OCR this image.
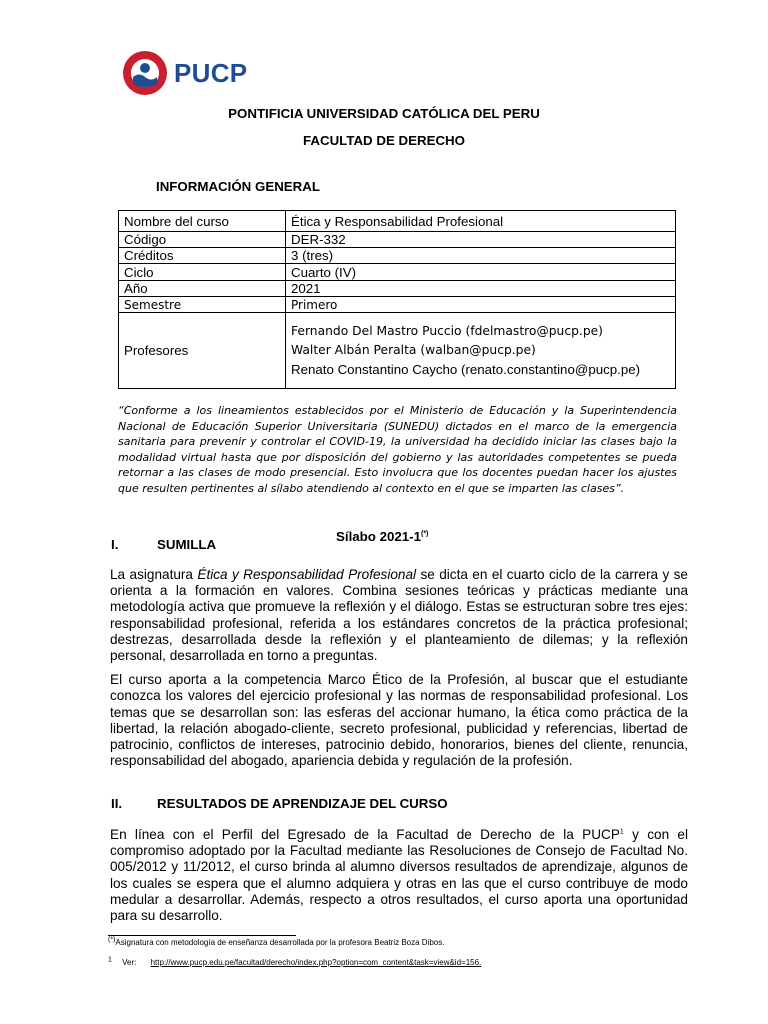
PUCP
PONTIFICIA UNIVERSIDAD CATÓLICA DEL PERU
FACULTAD DE DERECHO
INFORMACIÓN GENERAL
Nombre del curso	Ética y Responsabilidad Profesional
Código	DER-332
Créditos	3 (tres)
Ciclo	Cuarto (IV)
Año	2021
Semestre	Primero
Profesores	Fernando Del Mastro Puccio (fdelmastro@pucp.pe)
Walter Albán Peralta (walban@pucp.pe)
Renato Constantino Caycho (renato.constantino@pucp.pe)
“Conforme a los lineamientos establecidos por el Ministerio de Educación y la Superintendencia Nacional de Educación Superior Universitaria (SUNEDU) dictados en el marco de la emergencia sanitaria para prevenir y controlar el COVID-19, la universidad ha decidido iniciar las clases bajo la modalidad virtual hasta que por disposición del gobierno y las autoridades competentes se pueda retornar a las clases de modo presencial. Esto involucra que los docentes puedan hacer los ajustes que resulten pertinentes al sílabo atendiendo al contexto en el que se imparten las clases”.
Sílabo 2021-1(*)
I.	SUMILLA

La asignatura Ética y Responsabilidad Profesional se dicta en el cuarto ciclo de la carrera y se orienta a la formación en valores. Combina sesiones teóricas y prácticas mediante una metodología activa que promueve la reflexión y el diálogo. Estas se estructuran sobre tres ejes: responsabilidad profesional, referida a los estándares concretos de la práctica profesional; destrezas, desarrollada desde la reflexión y el planteamiento de dilemas; y la reflexión personal, desarrollada en torno a preguntas.

El curso aporta a la competencia Marco Ético de la Profesión, al buscar que el estudiante conozca los valores del ejercicio profesional y las normas de responsabilidad profesional. Los temas que se desarrollan son: las esferas del accionar humano, la ética como práctica de la libertad, la relación abogado-cliente, secreto profesional, publicidad y referencias, libertad de patrocinio, conflictos de intereses, patrocinio debido, honorarios, bienes del cliente, renuncia, responsabilidad del abogado, apariencia debida y regulación de la profesión.

II.	RESULTADOS DE APRENDIZAJE DEL CURSO

En línea con el Perfil del Egresado de la Facultad de Derecho de la PUCP$^1$ y con el compromiso adoptado por la Facultad mediante las Resoluciones de Consejo de Facultad No. 005/2012 y 11/2012, el curso brinda al alumno diversos resultados de aprendizaje, algunos de los cuales se espera que el alumno adquiera y otras en las que el curso contribuye de modo medular a desarrollar. Además, respecto a otros resultados, el curso aporta una oportunidad para su desarrollo.

(*)Asignatura con metodología de enseñanza desarrollada por la profesora Beatriz Boza Dibos.
$^1$ Ver: http://www.pucp.edu.pe/facultad/derecho/index.php?option=com_content&task=view&id=156.
